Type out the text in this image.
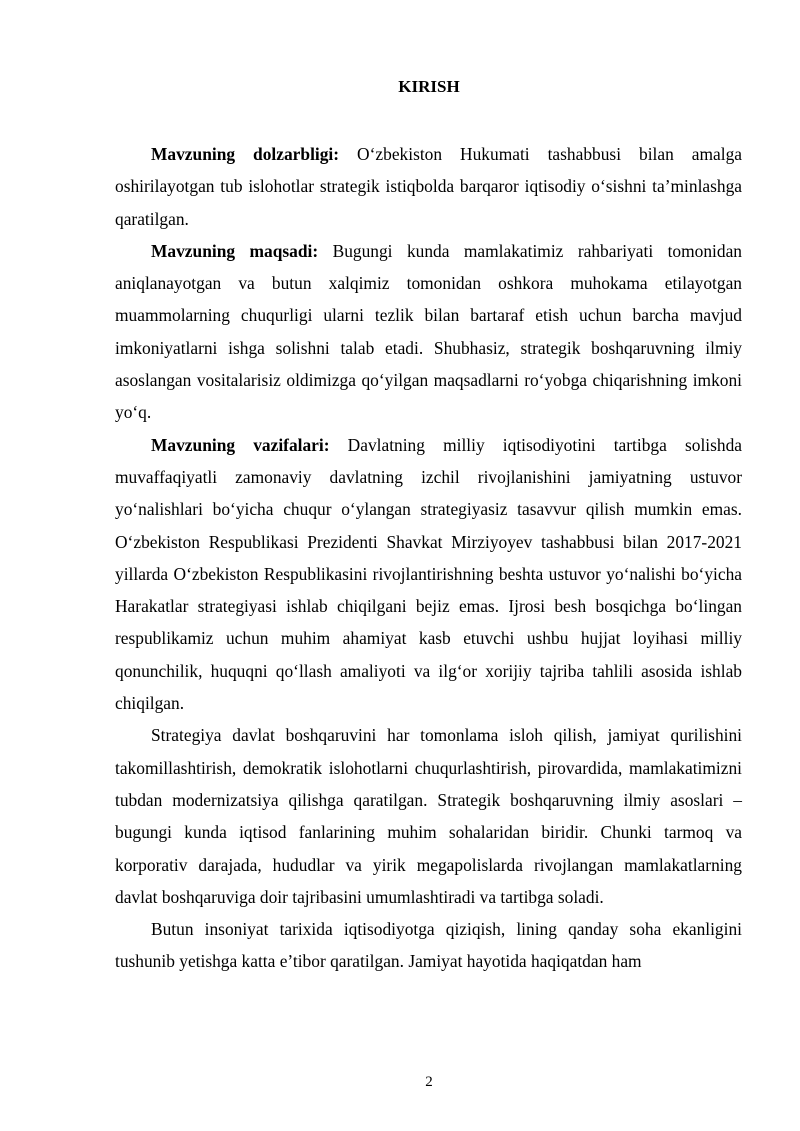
KIRISH

Mavzuning dolzarbligi: O‘zbekiston Hukumati tashabbusi bilan amalga oshirilayotgan tub islohotlar strategik istiqbolda barqaror iqtisodiy o‘sishni ta’minlashga qaratilgan.

Mavzuning maqsadi: Bugungi kunda mamlakatimiz rahbariyati tomonidan aniqlanayotgan va butun xalqimiz tomonidan oshkora muhokama etilayotgan muammolarning chuqurligi ularni tezlik bilan bartaraf etish uchun barcha mavjud imkoniyatlarni ishga solishni talab etadi. Shubhasiz, strategik boshqaruvning ilmiy asoslangan vositalarisiz oldimizga qo‘yilgan maqsadlarni ro‘yobga chiqarishning imkoni yo‘q.

Mavzuning vazifalari: Davlatning milliy iqtisodiyotini tartibga solishda muvaffaqiyatli zamonaviy davlatning izchil rivojlanishini jamiyatning ustuvor yo‘nalishlari bo‘yicha chuqur o‘ylangan strategiyasiz tasavvur qilish mumkin emas. O‘zbekiston Respublikasi Prezidenti Shavkat Mirziyoyev tashabbusi bilan 2017-2021 yillarda O‘zbekiston Respublikasini rivojlantirishning beshta ustuvor yo‘nalishi bo‘yicha Harakatlar strategiyasi ishlab chiqilgani bejiz emas. Ijrosi besh bosqichga bo‘lingan respublikamiz uchun muhim ahamiyat kasb etuvchi ushbu hujjat loyihasi milliy qonunchilik, huquqni qo‘llash amaliyoti va ilg‘or xorijiy tajriba tahlili asosida ishlab chiqilgan.

Strategiya davlat boshqaruvini har tomonlama isloh qilish, jamiyat qurilishini takomillashtirish, demokratik islohotlarni chuqurlashtirish, pirovardida, mamlakatimizni tubdan modernizatsiya qilishga qaratilgan. Strategik boshqaruvning ilmiy asoslari – bugungi kunda iqtisod fanlarining muhim sohalaridan biridir. Chunki tarmoq va korporativ darajada, hududlar va yirik megapolislarda rivojlangan mamlakatlarning davlat boshqaruviga doir tajribasini umumlashtiradi va tartibga soladi.

Butun insoniyat tarixida iqtisodiyotga qiziqish, lining qanday soha ekanligini tushunib yetishga katta e’tibor qaratilgan. Jamiyat hayotida haqiqatdan ham

2
